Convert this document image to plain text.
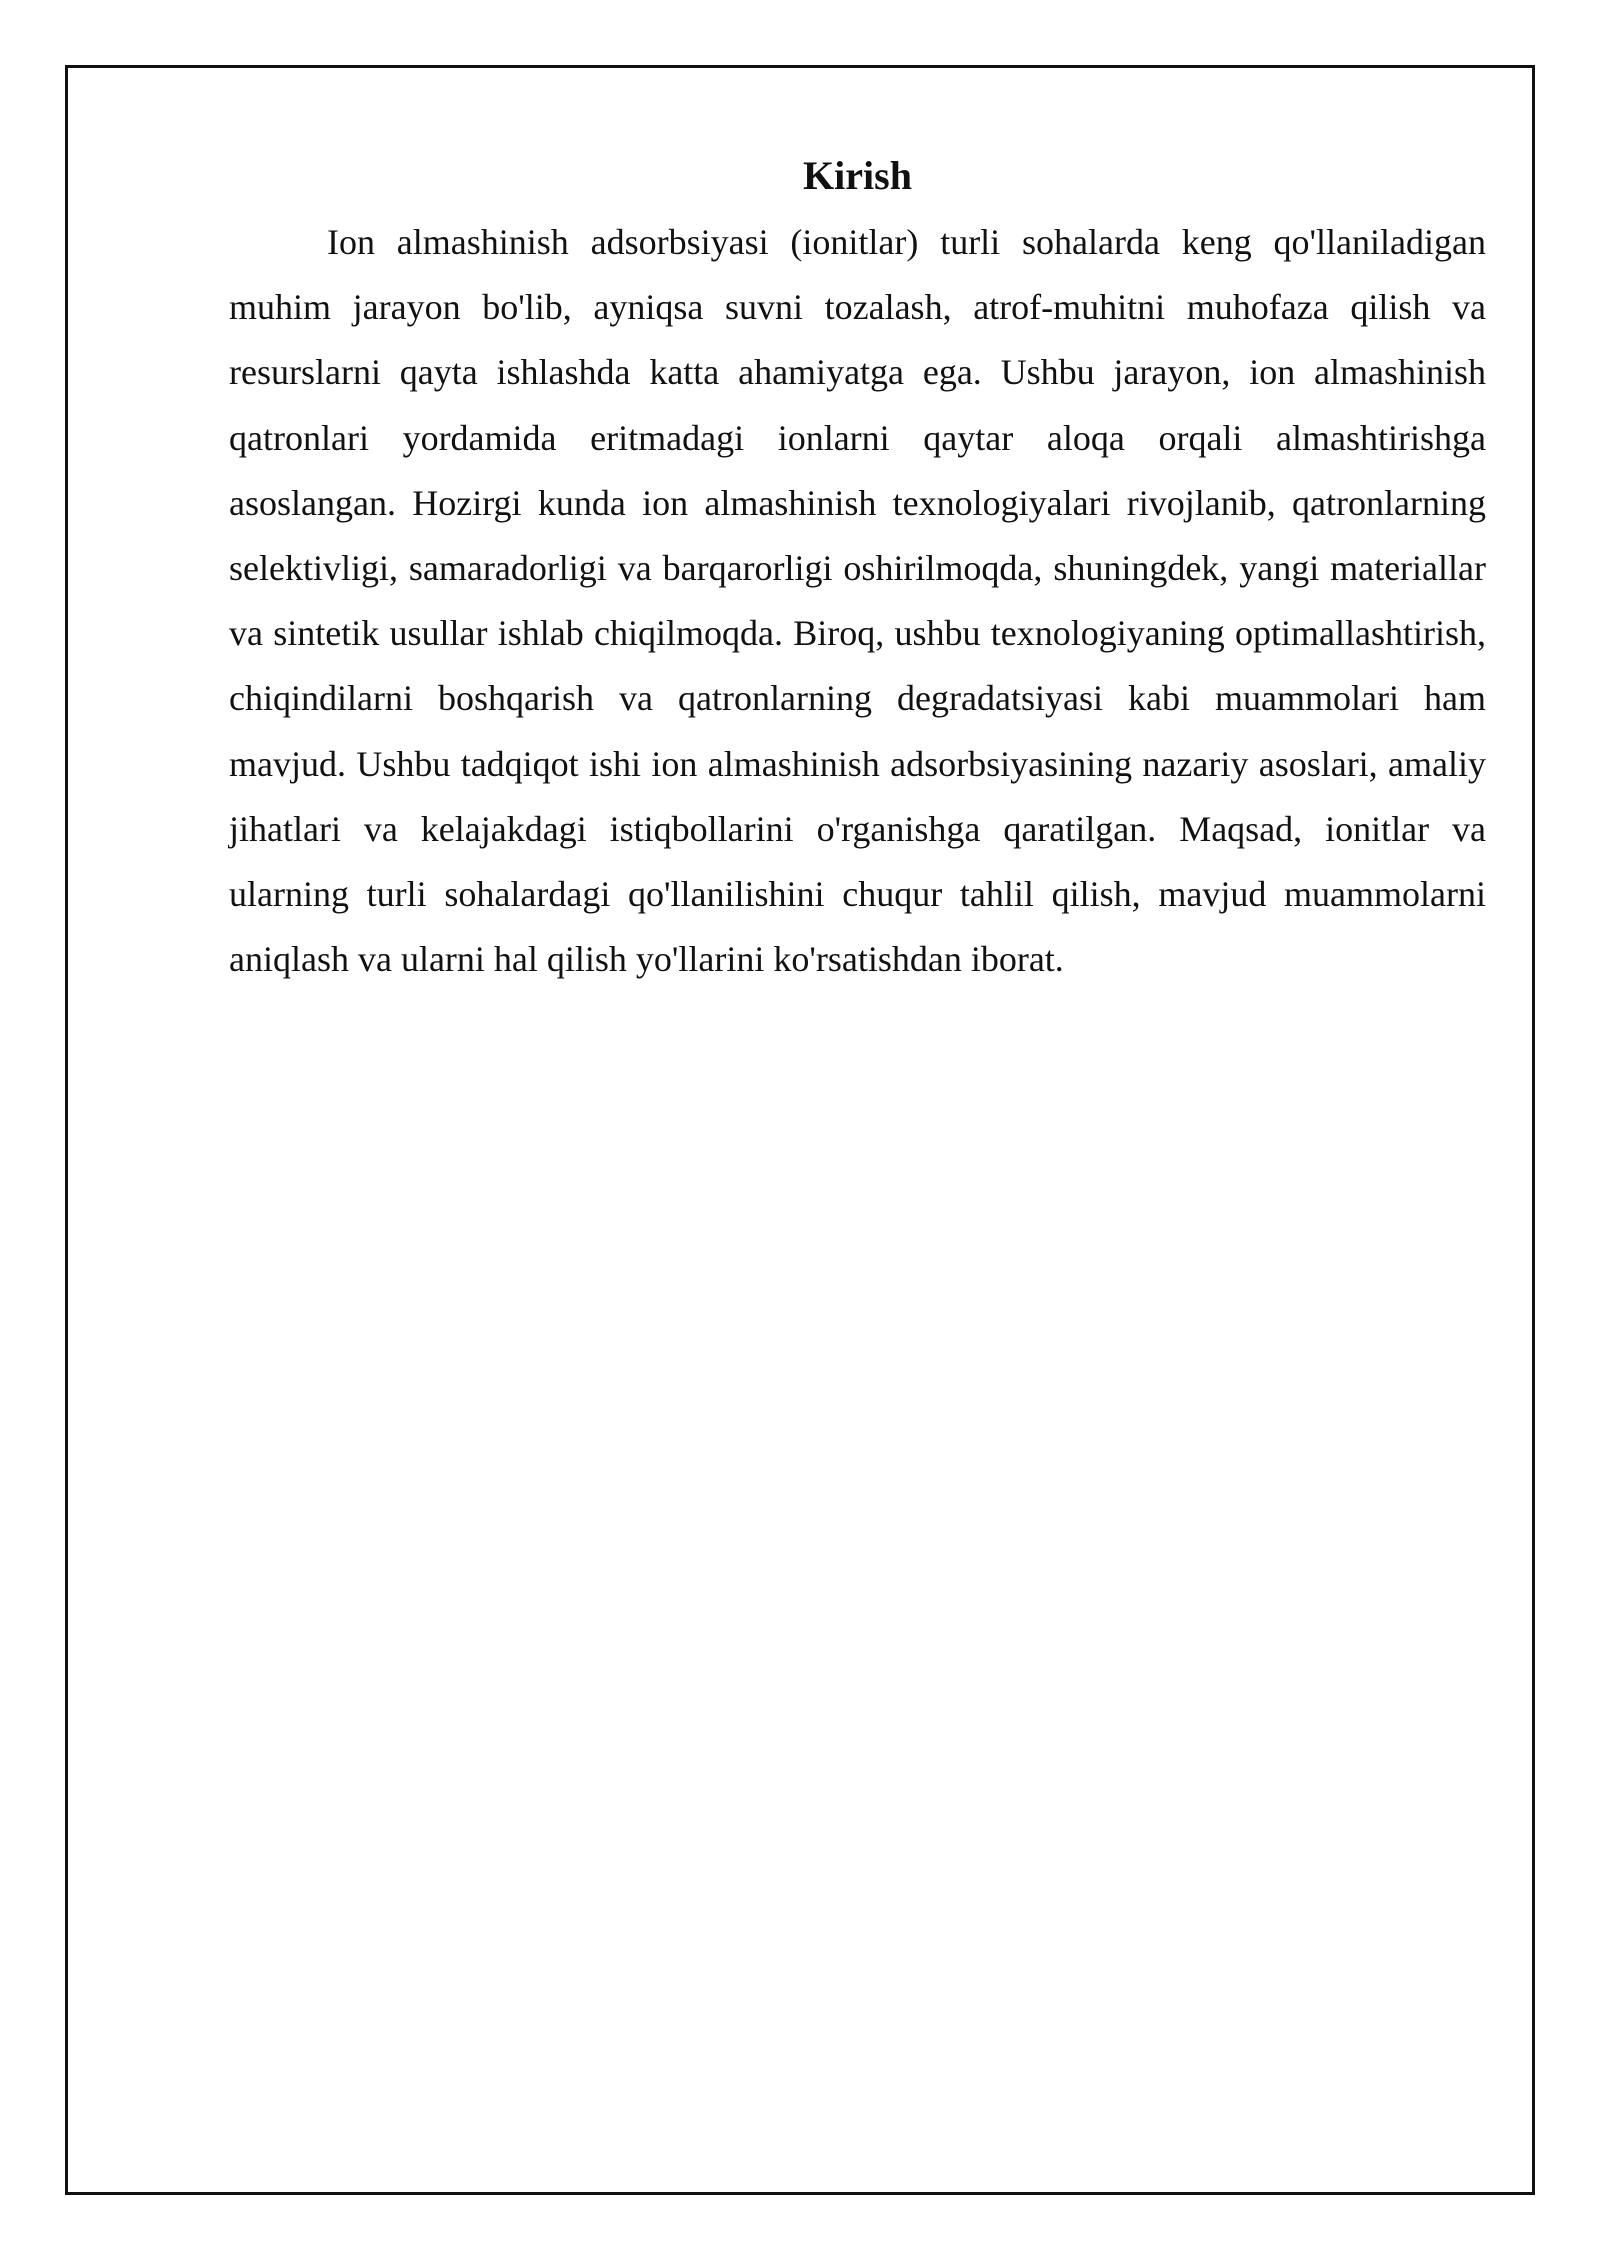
Kirish

Ion almashinish adsorbsiyasi (ionitlar) turli sohalarda keng qo'llaniladigan muhim jarayon bo'lib, ayniqsa suvni tozalash, atrof-muhitni muhofaza qilish va resurslarni qayta ishlashda katta ahamiyatga ega. Ushbu jarayon, ion almashinish qatronlari yordamida eritmadagi ionlarni qaytar aloqa orqali almashtirishga asoslangan. Hozirgi kunda ion almashinish texnologiyalari rivojlanib, qatronlarning selektivligi, samaradorligi va barqarorligi oshirilmoqda, shuningdek, yangi materiallar va sintetik usullar ishlab chiqilmoqda. Biroq, ushbu texnologiyaning optimallashtirish, chiqindilarni boshqarish va qatronlarning degradatsiyasi kabi muammolari ham mavjud. Ushbu tadqiqot ishi ion almashinish adsorbsiyasining nazariy asoslari, amaliy jihatlari va kelajakdagi istiqbollarini o'rganishga qaratilgan. Maqsad, ionitlar va ularning turli sohalardagi qo'llanilishini chuqur tahlil qilish, mavjud muammolarni aniqlash va ularni hal qilish yo'llarini ko'rsatishdan iborat.
